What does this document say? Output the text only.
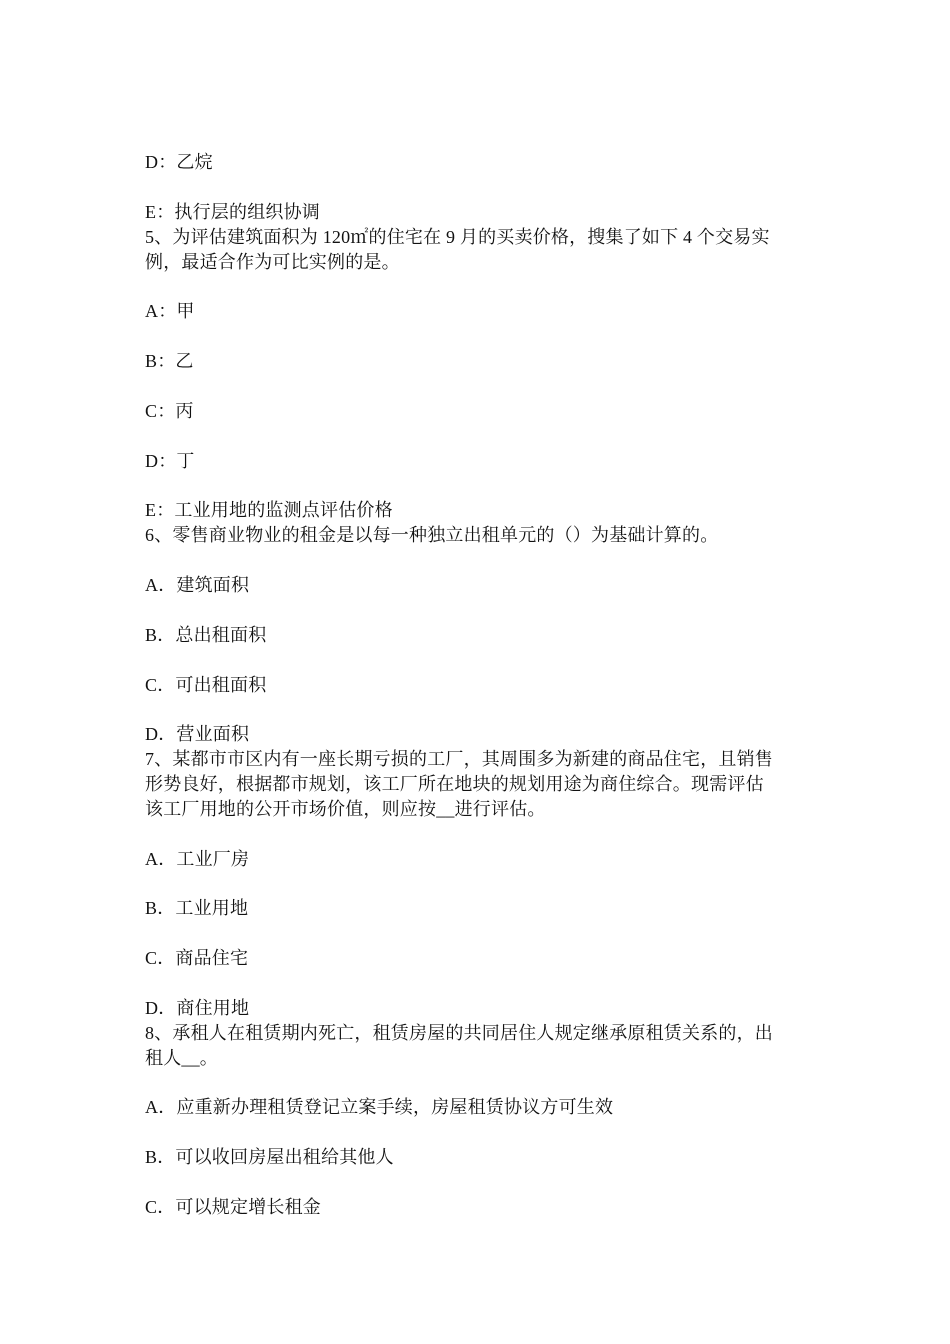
D：乙烷
E：执行层的组织协调
5、为评估建筑面积为 120㎡的住宅在 9 月的买卖价格，搜集了如下 4 个交易实
例，最适合作为可比实例的是。
A：甲
B：乙
C：丙
D：丁
E：工业用地的监测点评估价格
6、零售商业物业的租金是以每一种独立出租单元的（）为基础计算的。
A．建筑面积
B．总出租面积
C．可出租面积
D．营业面积
7、某都市市区内有一座长期亏损的工厂，其周围多为新建的商品住宅，且销售
形势良好，根据都市规划，该工厂所在地块的规划用途为商住综合。现需评估
该工厂用地的公开市场价值，则应按__进行评估。
A．工业厂房
B．工业用地
C．商品住宅
D．商住用地
8、承租人在租赁期内死亡，租赁房屋的共同居住人规定继承原租赁关系的，出
租人__。
A．应重新办理租赁登记立案手续，房屋租赁协议方可生效
B．可以收回房屋出租给其他人
C．可以规定增长租金
